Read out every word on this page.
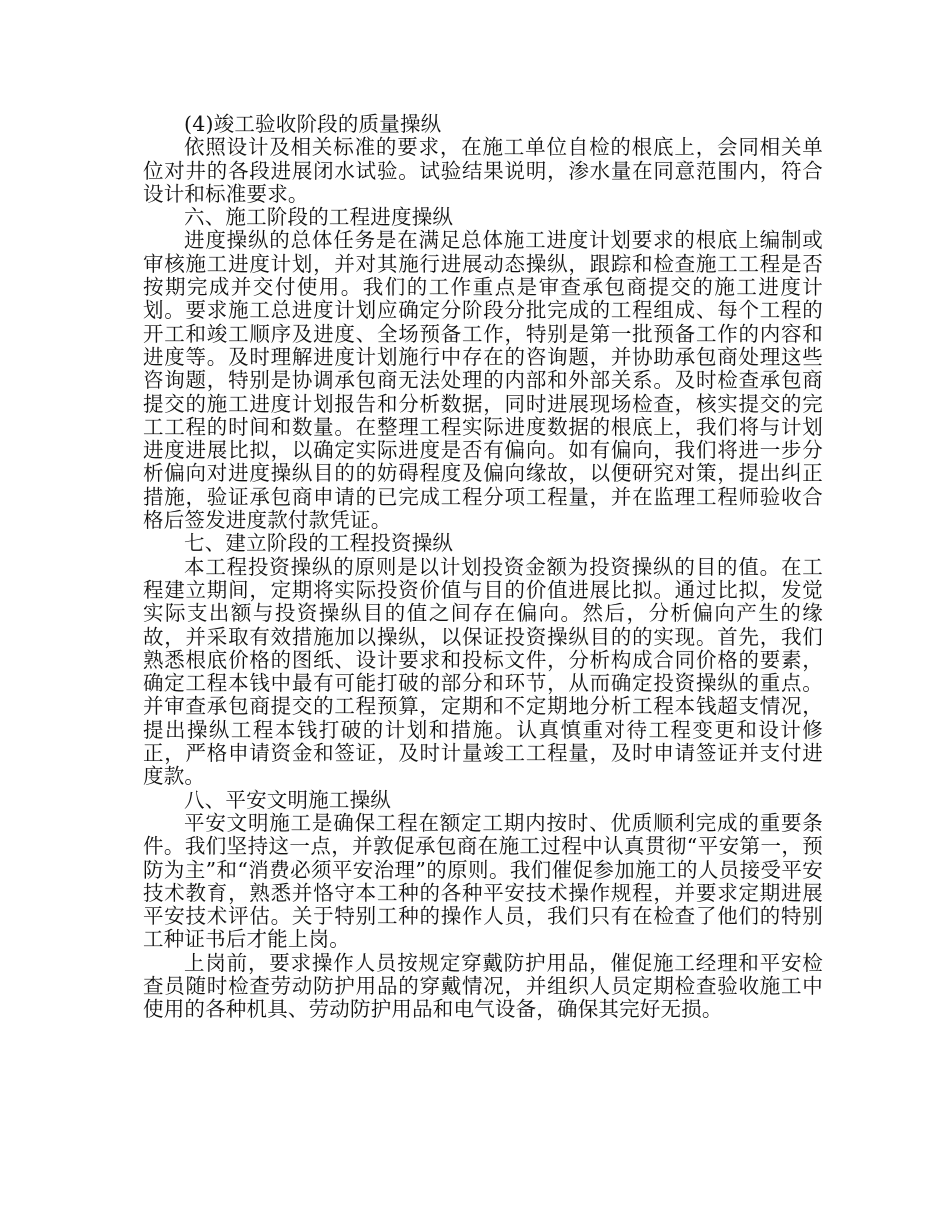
(4)竣工验收阶段的质量操纵

依照设计及相关标准的要求，在施工单位自检的根底上，会同相关单位对井的各段进展闭水试验。试验结果说明，渗水量在同意范围内，符合设计和标准要求。

六、施工阶段的工程进度操纵

进度操纵的总体任务是在满足总体施工进度计划要求的根底上编制或审核施工进度计划，并对其施行进展动态操纵，跟踪和检查施工工程是否按期完成并交付使用。我们的工作重点是审查承包商提交的施工进度计划。要求施工总进度计划应确定分阶段分批完成的工程组成、每个工程的开工和竣工顺序及进度、全场预备工作，特别是第一批预备工作的内容和进度等。及时理解进度计划施行中存在的咨询题，并协助承包商处理这些咨询题，特别是协调承包商无法处理的内部和外部关系。及时检查承包商提交的施工进度计划报告和分析数据，同时进展现场检查，核实提交的完工工程的时间和数量。在整理工程实际进度数据的根底上，我们将与计划进度进展比拟，以确定实际进度是否有偏向。如有偏向，我们将进一步分析偏向对进度操纵目的的妨碍程度及偏向缘故，以便研究对策，提出纠正措施，验证承包商申请的已完成工程分项工程量，并在监理工程师验收合格后签发进度款付款凭证。

七、建立阶段的工程投资操纵

本工程投资操纵的原则是以计划投资金额为投资操纵的目的值。在工程建立期间，定期将实际投资价值与目的价值进展比拟。通过比拟，发觉实际支出额与投资操纵目的值之间存在偏向。然后，分析偏向产生的缘故，并采取有效措施加以操纵，以保证投资操纵目的的实现。首先，我们熟悉根底价格的图纸、设计要求和投标文件，分析构成合同价格的要素，确定工程本钱中最有可能打破的部分和环节，从而确定投资操纵的重点。并审查承包商提交的工程预算，定期和不定期地分析工程本钱超支情况，提出操纵工程本钱打破的计划和措施。认真慎重对待工程变更和设计修正，严格申请资金和签证，及时计量竣工工程量，及时申请签证并支付进度款。

八、平安文明施工操纵

平安文明施工是确保工程在额定工期内按时、优质顺利完成的重要条件。我们坚持这一点，并敦促承包商在施工过程中认真贯彻“平安第一，预防为主”和“消费必须平安治理”的原则。我们催促参加施工的人员接受平安技术教育，熟悉并恪守本工种的各种平安技术操作规程，并要求定期进展平安技术评估。关于特别工种的操作人员，我们只有在检查了他们的特别工种证书后才能上岗。

上岗前，要求操作人员按规定穿戴防护用品，催促施工经理和平安检查员随时检查劳动防护用品的穿戴情况，并组织人员定期检查验收施工中使用的各种机具、劳动防护用品和电气设备，确保其完好无损。
